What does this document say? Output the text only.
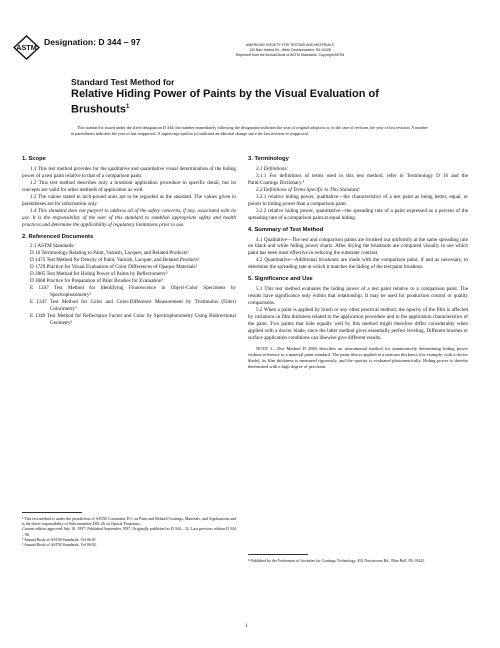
ASTM
Designation: D 344 – 97	AMERICAN SOCIETY FOR TESTING AND MATERIALS
100 Barr Harbor Dr., West Conshohocken, PA 19428
Reprinted from the Annual Book of ASTM Standards. Copyright ASTM
Standard Test Method for
Relative Hiding Power of Paints by the Visual Evaluation of
Brushouts$^1$
This standard is issued under the fixed designation D 344; the number immediately following the designation indicates the year of original adoption or, in the case of revision, the year of last revision. A number in parentheses indicates the year of last reapproval. A superscript epsilon (ε) indicates an editorial change since the last revision or reapproval.
1. Scope

1.1 This test method provides for the qualitative and quantitative visual determination of the hiding power of a test paint relative to that of a comparison paint.

1.2 This test method describes only a brushout application procedure in specific detail, but its concepts are valid for other methods of application as well.

1.3 The values stated in inch-pound units are to be regarded as the standard. The values given in parentheses are for information only.

1.4 This standard does not purport to address all of the safety concerns, if any, associated with its use. It is the responsibility of the user of this standard to establish appropriate safety and health practices and determine the applicability of regulatory limitations prior to use.

2. Referenced Documents

2.1 ASTM Standards:

D 16 Terminology Relating to Paint, Varnish, Lacquer, and Related Products²

D 1475 Test Method for Density of Paint, Varnish, Lacquer, and Related Products²

D 1729 Practice for Visual Evaluation of Color Differences of Opaque Materials²

D 2805 Test Method for Hiding Power of Paints by Reflectometry²

D 3068 Practice for Preparation of Paint Brushes for Evaluation³

E 1247 Test Method for Identifying Fluorescence in Object-Color Specimens by Spectrophotometry²

E 1347 Test Method for Color and Color-Difference Measurement by Tristimulus (Filter) Colorimetry²

E 1349 Test Method for Reflectance Factor and Color by Spectrophotometry Using Bidirectional Geometry²

3. Terminology

3.1 Definitions:

3.1.1 For definitions of terms used in this test method, refer to Terminology D 16 and the Paint/Coatings Dictionary.⁴

3.2 Definitions of Terms Specific to This Standard:

3.2.1 relative hiding power, qualitative—the characteristics of a test paint as being better, equal, or poorer in hiding power than a comparison paint.

3.2.2 relative hiding power, quantitative—the spreading rate of a paint expressed as a percent of the spreading rate of a comparison paint at equal hiding.

4. Summary of Test Method

4.1 Qualitative—The test and comparison paints are brushed out uniformly at the same spreading rate on black and white hiding power charts. After drying the brushouts are compared visually to see which paint has been most effective in reducing the substrate contrast.

4.2 Quantitative—Additional brushouts are made with the comparison paint, if and as necessary, to determine the spreading rate at which it matches the hiding of the test paint brushout.

5. Significance and Use

5.1 This test method evaluates the hiding power of a test paint relative to a comparison paint. The results have significance only within that relationship. It may be used for production control or quality comparisons.

5.2 When a paint is applied by brush or any other practical method, the opacity of the film is affected by variations in film thickness related to the application procedure and to the application characteristics of the paint. Two paints that hide equally well by this method might therefore differ considerably when applied with a doctor blade, since the latter method gives essentially perfect leveling. Different brushes or surface application conditions can likewise give different results.

NOTE 1—Test Method D 2805 describes an instrumental method for quantitatively determining hiding power without reference to a material paint standard. The paint film is applied at a uniform thickness (for example, with a doctor blade), its film thickness is measured rigorously, and the opacity is evaluated photometrically. Hiding power is thereby determined with a high degree of precision.

¹ This test method is under the jurisdiction of ASTM Committee D-1 on Paint and Related Coatings, Materials, and Applications and is the direct responsibility of Subcommittee D01.26 on Optical Properties.
Current edition approved July 10, 1997. Published September 1997. Originally published as D 344 – 32. Last previous edition D 344 – 96.
² Annual Book of ASTM Standards, Vol 06.01.
³ Annual Book of ASTM Standards, Vol 06.02.
⁴ Published by the Federation of Societies for Coatings Technology, 492 Norristown Rd., Blue Bell, PA 19422.
1
